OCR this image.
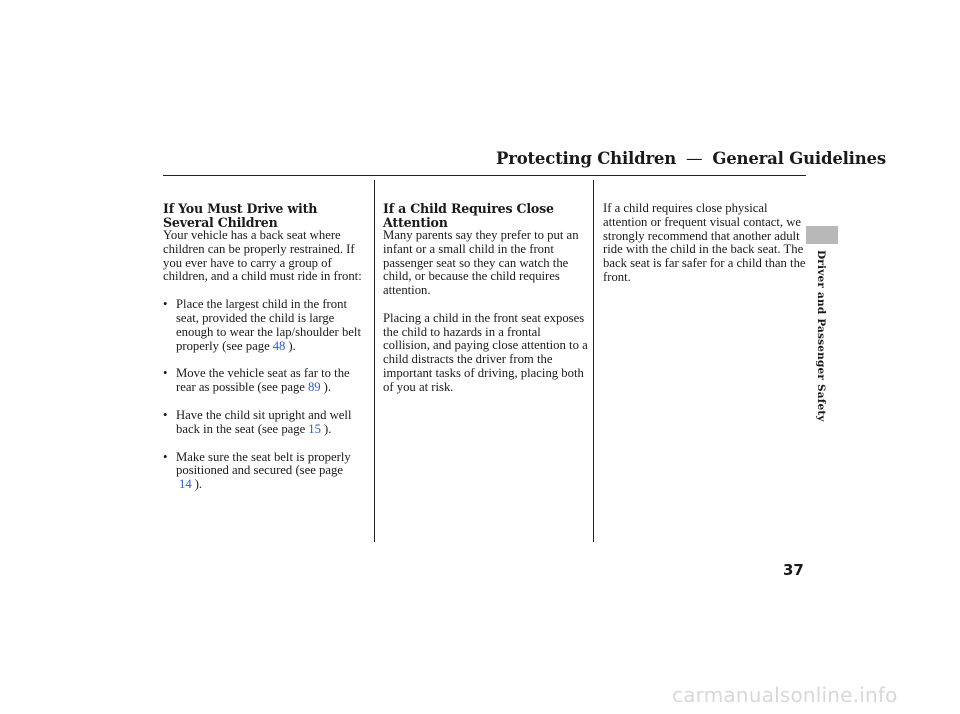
Protecting Children — General Guidelines
If You Must Drive with Several Children

Your vehicle has a back seat where children can be properly restrained. If you ever have to carry a group of children, and a child must ride in front:

• Place the largest child in the front seat, provided the child is large enough to wear the lap/shoulder belt properly (see page 48 ).
• Move the vehicle seat as far to the rear as possible (see page 89 ).
• Have the child sit upright and well back in the seat (see page 15 ).
• Make sure the seat belt is properly positioned and secured (see page
14 ).
If a Child Requires Close Attention

Many parents say they prefer to put an infant or a small child in the front passenger seat so they can watch the child, or because the child requires attention.

Placing a child in the front seat exposes the child to hazards in a frontal collision, and paying close attention to a child distracts the driver from the important tasks of driving, placing both of you at risk.

If a child requires close physical attention or frequent visual contact, we strongly recommend that another adult ride with the child in the back seat. The back seat is far safer for a child than the front.	Driver and Passenger Safety
37
carmanualsonline.info
